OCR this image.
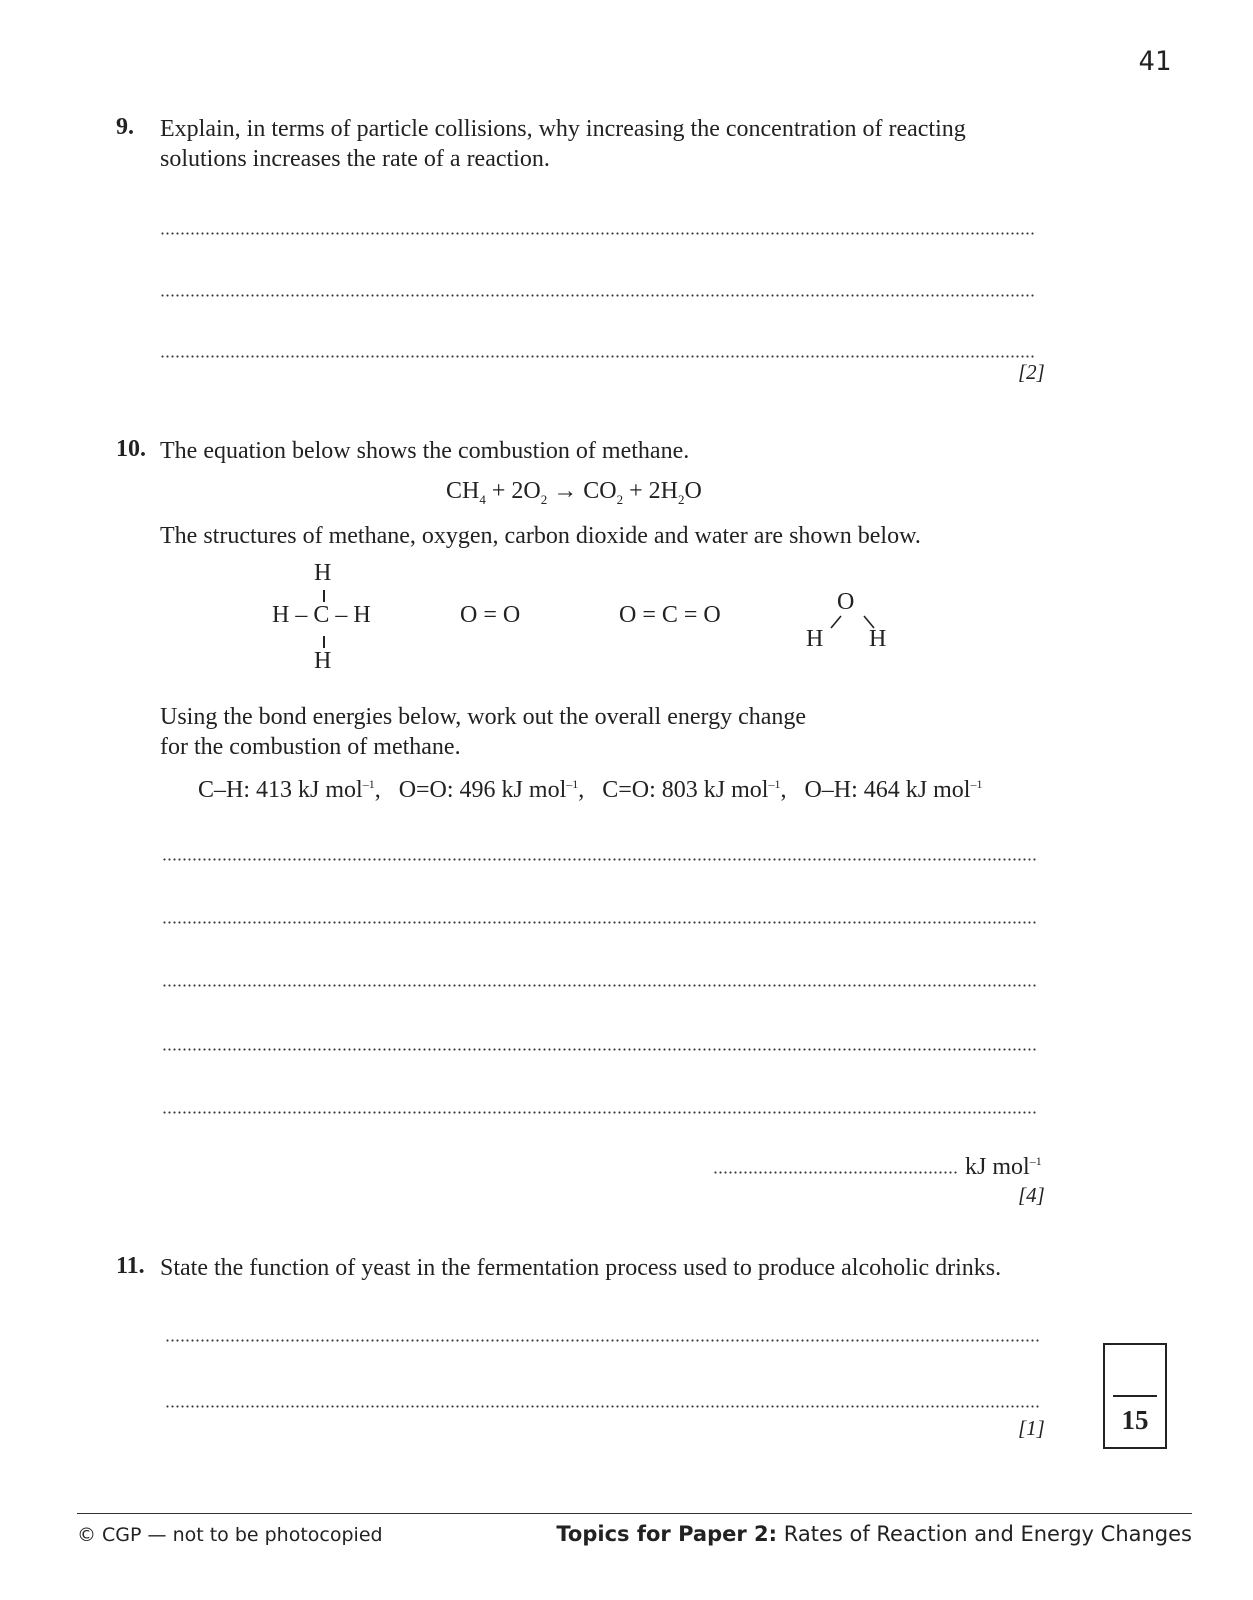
41
9. Explain, in terms of particle collisions, why increasing the concentration of reacting
solutions increases the rate of a reaction.
[2]
10. The equation below shows the combustion of methane.
$CH_4 + 2O_2 \to CO_2 + 2H_2O$
The structures of methane, oxygen, carbon dioxide and water are shown below.
H
H – C – H
H
O = O	O = C = O	O
H H
Using the bond energies below, work out the overall energy change
for the combustion of methane.
C–H: 413 kJ mol$^{-1}$, O=O: 496 kJ mol$^{-1}$, C=O: 803 kJ mol$^{-1}$, O–H: 464 kJ mol$^{-1}$
kJ mol$^{-1}$
[4]
11. State the function of yeast in the fermentation process used to produce alcoholic drinks.
[1]	15
© CGP — not to be photocopied	Topics for Paper 2: Rates of Reaction and Energy Changes
